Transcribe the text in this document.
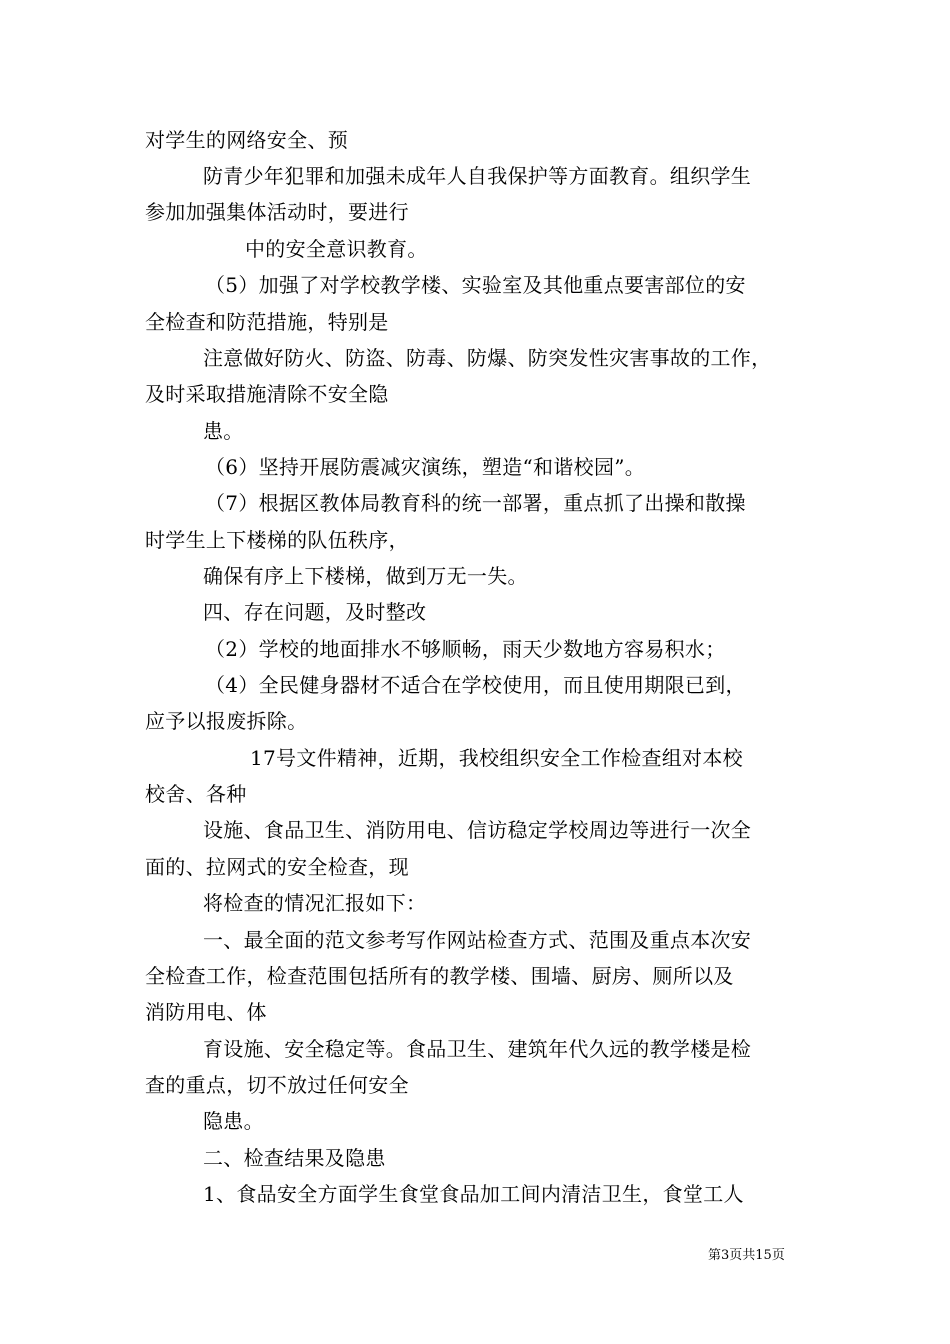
对学生的网络安全、预
防青少年犯罪和加强未成年人自我保护等方面教育。组织学生
参加加强集体活动时，要进行
中的安全意识教育。
（5）加强了对学校教学楼、实验室及其他重点要害部位的安
全检查和防范措施，特别是
注意做好防火、防盗、防毒、防爆、防突发性灾害事故的工作，
及时采取措施清除不安全隐
患。
（6）坚持开展防震减灾演练，塑造“和谐校园”。
（7）根据区教体局教育科的统一部署，重点抓了出操和散操
时学生上下楼梯的队伍秩序，
确保有序上下楼梯，做到万无一失。
四、存在问题，及时整改
（2）学校的地面排水不够顺畅，雨天少数地方容易积水；
（4）全民健身器材不适合在学校使用，而且使用期限已到，
应予以报废拆除。
17号文件精神，近期，我校组织安全工作检查组对本校
校舍、各种
设施、食品卫生、消防用电、信访稳定学校周边等进行一次全
面的、拉网式的安全检查，现
将检查的情况汇报如下：
一、最全面的范文参考写作网站检查方式、范围及重点本次安
全检查工作，检查范围包括所有的教学楼、围墙、厨房、厕所以及
消防用电、体
育设施、安全稳定等。食品卫生、建筑年代久远的教学楼是检
查的重点，切不放过任何安全
隐患。
二、检查结果及隐患
1、食品安全方面学生食堂食品加工间内清洁卫生，食堂工人
第3页共15页
